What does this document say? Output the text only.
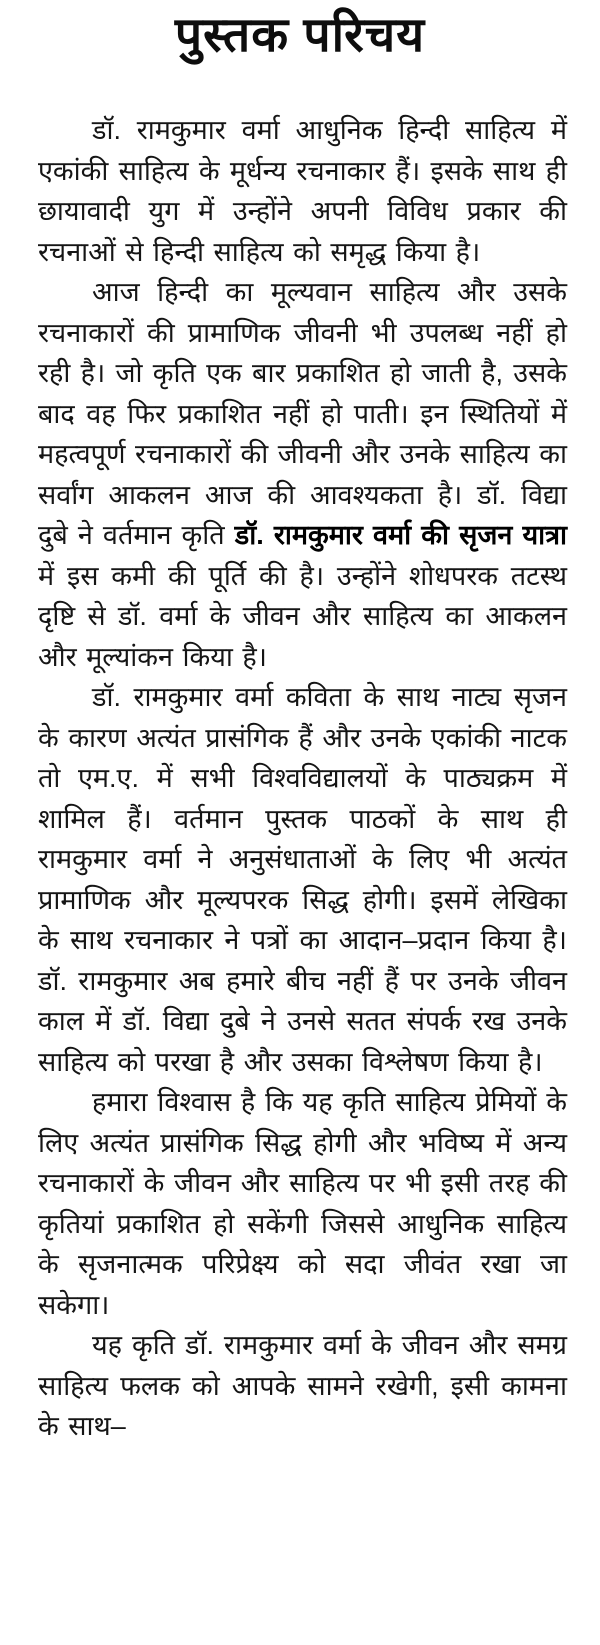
पुस्तक परिचय

डॉ. रामकुमार वर्मा आधुनिक हिन्दी साहित्य में एकांकी साहित्य के मूर्धन्य रचनाकार हैं। इसके साथ ही छायावादी युग में उन्होंने अपनी विविध प्रकार की रचनाओं से हिन्दी साहित्य को समृद्ध किया है।

आज हिन्दी का मूल्यवान साहित्य और उसके रचनाकारों की प्रामाणिक जीवनी भी उपलब्ध नहीं हो रही है। जो कृति एक बार प्रकाशित हो जाती है, उसके बाद वह फिर प्रकाशित नहीं हो पाती। इन स्थितियों में महत्वपूर्ण रचनाकारों की जीवनी और उनके साहित्य का सर्वांग आकलन आज की आवश्यकता है। डॉ. विद्या दुबे ने वर्तमान कृति डॉ. रामकुमार वर्मा की सृजन यात्रा में इस कमी की पूर्ति की है। उन्होंने शोधपरक तटस्थ दृष्टि से डॉ. वर्मा के जीवन और साहित्य का आकलन और मूल्यांकन किया है।

डॉ. रामकुमार वर्मा कविता के साथ नाट्य सृजन के कारण अत्यंत प्रासंगिक हैं और उनके एकांकी नाटक तो एम.ए. में सभी विश्वविद्यालयों के पाठ्यक्रम में शामिल हैं। वर्तमान पुस्तक पाठकों के साथ ही रामकुमार वर्मा ने अनुसंधाताओं के लिए भी अत्यंत प्रामाणिक और मूल्यपरक सिद्ध होगी। इसमें लेखिका के साथ रचनाकार ने पत्रों का आदान–प्रदान किया है। डॉ. रामकुमार अब हमारे बीच नहीं हैं पर उनके जीवन काल में डॉ. विद्या दुबे ने उनसे सतत संपर्क रख उनके साहित्य को परखा है और उसका विश्लेषण किया है।

हमारा विश्वास है कि यह कृति साहित्य प्रेमियों के लिए अत्यंत प्रासंगिक सिद्ध होगी और भविष्य में अन्य रचनाकारों के जीवन और साहित्य पर भी इसी तरह की कृतियां प्रकाशित हो सकेंगी जिससे आधुनिक साहित्य के सृजनात्मक परिप्रेक्ष्य को सदा जीवंत रखा जा सकेगा।

यह कृति डॉ. रामकुमार वर्मा के जीवन और समग्र साहित्य फलक को आपके सामने रखेगी, इसी कामना के साथ–
